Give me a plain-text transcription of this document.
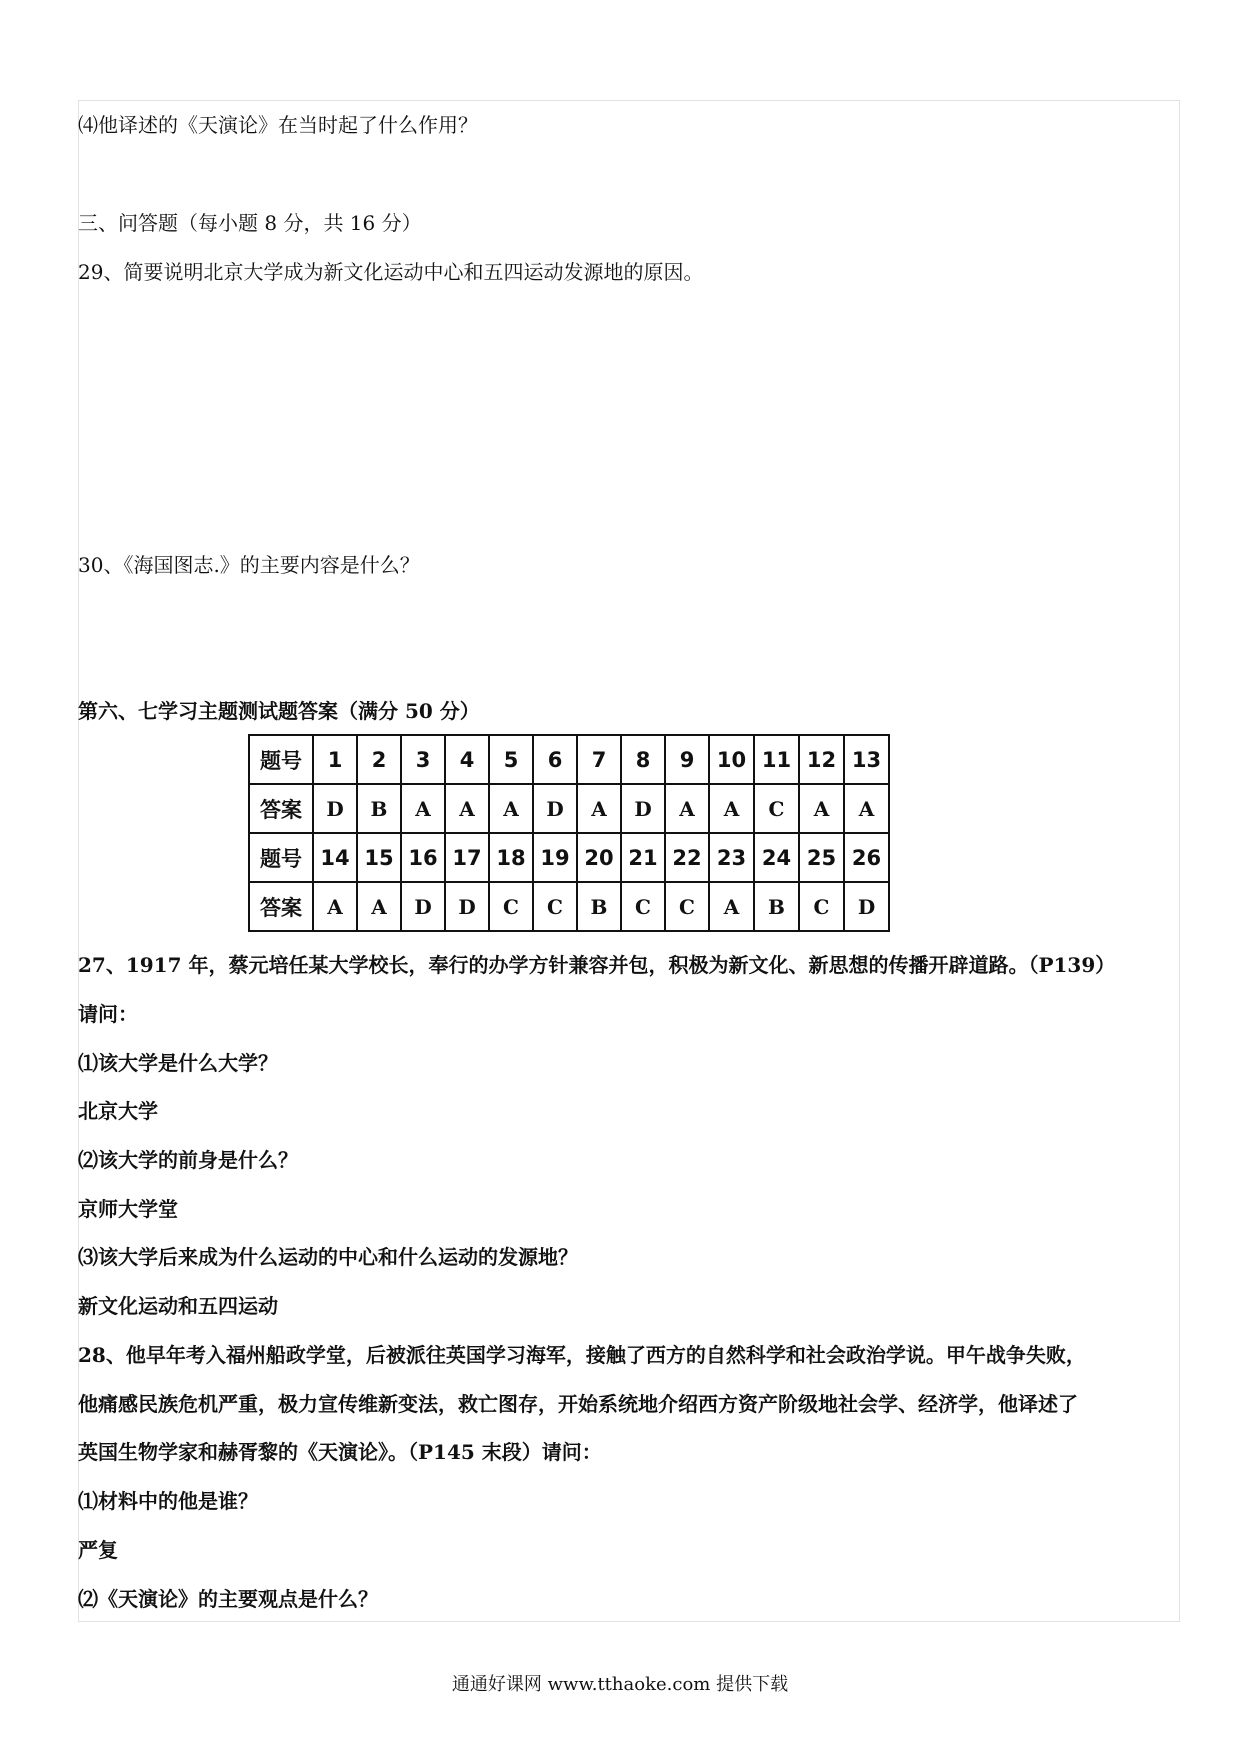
⑷他译述的《天演论》在当时起了什么作用？
三、问答题（每小题 8 分，共 16 分）
29、简要说明北京大学成为新文化运动中心和五四运动发源地的原因。
30、《海国图志.》的主要内容是什么？
第六、七学习主题测试题答案（满分 50 分）
题号	1	2	3	4	5	6	7	8	9	10	11	12	13
答案	D	B	A	A	A	D	A	D	A	A	C	A	A
题号	14	15	16	17	18	19	20	21	22	23	24	25	26
答案	A	A	D	D	C	C	B	C	C	A	B	C	D
27、1917 年，蔡元培任某大学校长，奉行的办学方针兼容并包，积极为新文化、新思想的传播开辟道路。（P139）
请问：
⑴该大学是什么大学？
北京大学
⑵该大学的前身是什么？
京师大学堂
⑶该大学后来成为什么运动的中心和什么运动的发源地？
新文化运动和五四运动
28、他早年考入福州船政学堂，后被派往英国学习海军，接触了西方的自然科学和社会政治学说。甲午战争失败，
他痛感民族危机严重，极力宣传维新变法，救亡图存，开始系统地介绍西方资产阶级地社会学、经济学，他译述了
英国生物学家和赫胥黎的《天演论》。（P145 末段）请问：
⑴材料中的他是谁？
严复
⑵《天演论》的主要观点是什么？
通通好课网 www.tthaoke.com 提供下载
